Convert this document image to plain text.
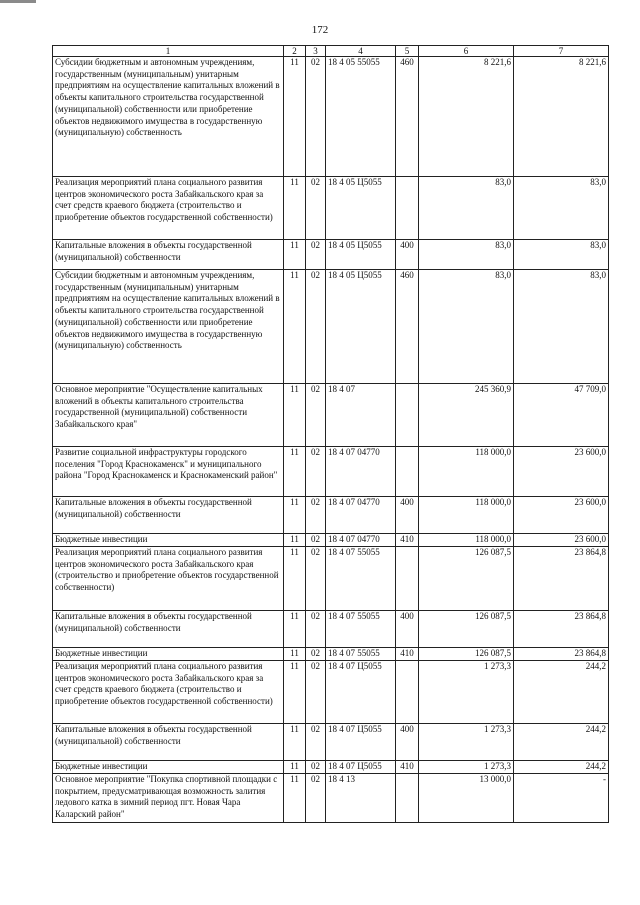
172
1	2	3	4	5	6	7
Субсидии бюджетным и автономным учреждениям, государственным (муниципальным) унитарным предприятиям на осуществление капитальных вложений в объекты капитального строительства государственной (муниципальной) собственности или приобретение объектов недвижимого имущества в государственную (муниципальную) собственность	11	02	18 4 05 55055	460	8 221,6	8 221,6
Реализация мероприятий плана социального развития центров экономического роста Забайкальского края за счет средств краевого бюджета (строительство и приобретение объектов государственной собственности)	11	02	18 4 05 Ц5055		83,0	83,0
Капитальные вложения в объекты государственной (муниципальной) собственности	11	02	18 4 05 Ц5055	400	83,0	83,0
Субсидии бюджетным и автономным учреждениям, государственным (муниципальным) унитарным предприятиям на осуществление капитальных вложений в объекты капитального строительства государственной (муниципальной) собственности или приобретение объектов недвижимого имущества в государственную (муниципальную) собственность	11	02	18 4 05 Ц5055	460	83,0	83,0
Основное мероприятие "Осуществление капитальных вложений в объекты капитального строительства государственной (муниципальной) собственности Забайкальского края"	11	02	18 4 07		245 360,9	47 709,0
Развитие социальной инфраструктуры городского поселения "Город Краснокаменск" и муниципального района "Город Краснокаменск и Краснокаменский район"	11	02	18 4 07 04770		118 000,0	23 600,0
Капитальные вложения в объекты государственной (муниципальной) собственности	11	02	18 4 07 04770	400	118 000,0	23 600,0
Бюджетные инвестиции	11	02	18 4 07 04770	410	118 000,0	23 600,0
Реализация мероприятий плана социального развития центров экономического роста Забайкальского края (строительство и приобретение объектов государственной собственности)	11	02	18 4 07 55055		126 087,5	23 864,8
Капитальные вложения в объекты государственной (муниципальной) собственности	11	02	18 4 07 55055	400	126 087,5	23 864,8
Бюджетные инвестиции	11	02	18 4 07 55055	410	126 087,5	23 864,8
Реализация мероприятий плана социального развития центров экономического роста Забайкальского края за счет средств краевого бюджета (строительство и приобретение объектов государственной собственности)	11	02	18 4 07 Ц5055		1 273,3	244,2
Капитальные вложения в объекты государственной (муниципальной) собственности	11	02	18 4 07 Ц5055	400	1 273,3	244,2
Бюджетные инвестиции	11	02	18 4 07 Ц5055	410	1 273,3	244,2
Основное мероприятие "Покупка спортивной площадки с покрытием, предусматривающая возможность залития ледового катка в зимний период пгт. Новая Чара Каларский район"	11	02	18 4 13		13 000,0	-
